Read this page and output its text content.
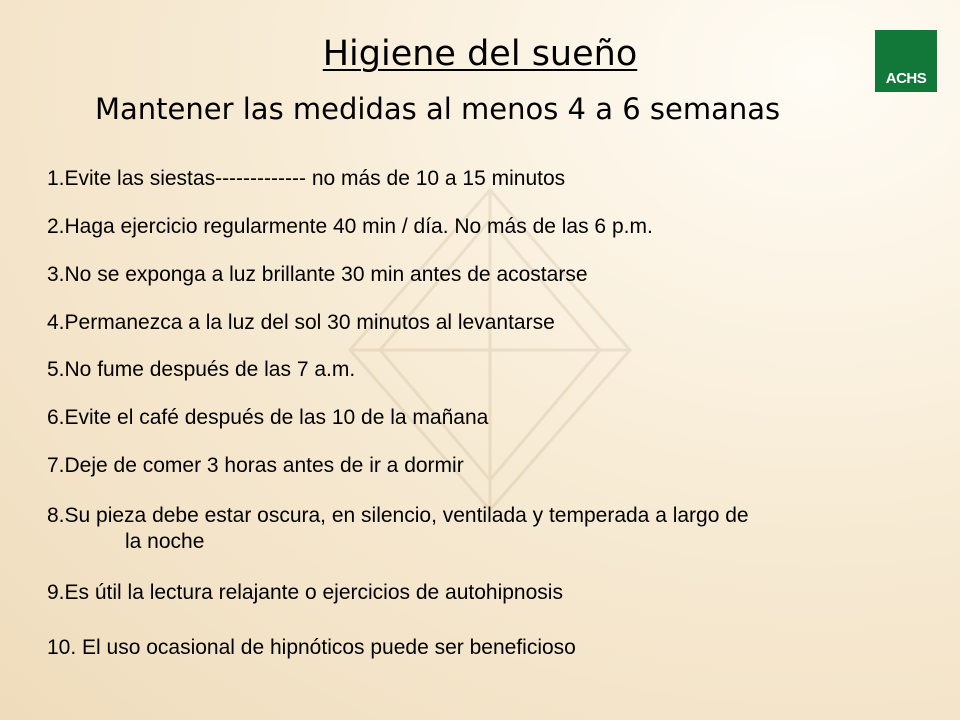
Higiene del sueño
Mantener las medidas al menos 4 a 6 semanas
ACHS
1.Evite las siestas------------- no más de 10 a 15 minutos
2.Haga ejercicio regularmente 40 min / día. No más de las 6 p.m.
3.No se exponga a luz brillante 30 min antes de acostarse
4.Permanezca a la luz del sol 30 minutos al levantarse
5.No fume después de las 7 a.m.
6.Evite el café después de las 10 de la mañana
7.Deje de comer 3 horas antes de ir a dormir
8.Su pieza debe estar oscura, en silencio, ventilada y temperada a largo de
la noche
9.Es útil la lectura relajante o ejercicios de autohipnosis
10. El uso ocasional de hipnóticos puede ser beneficioso
